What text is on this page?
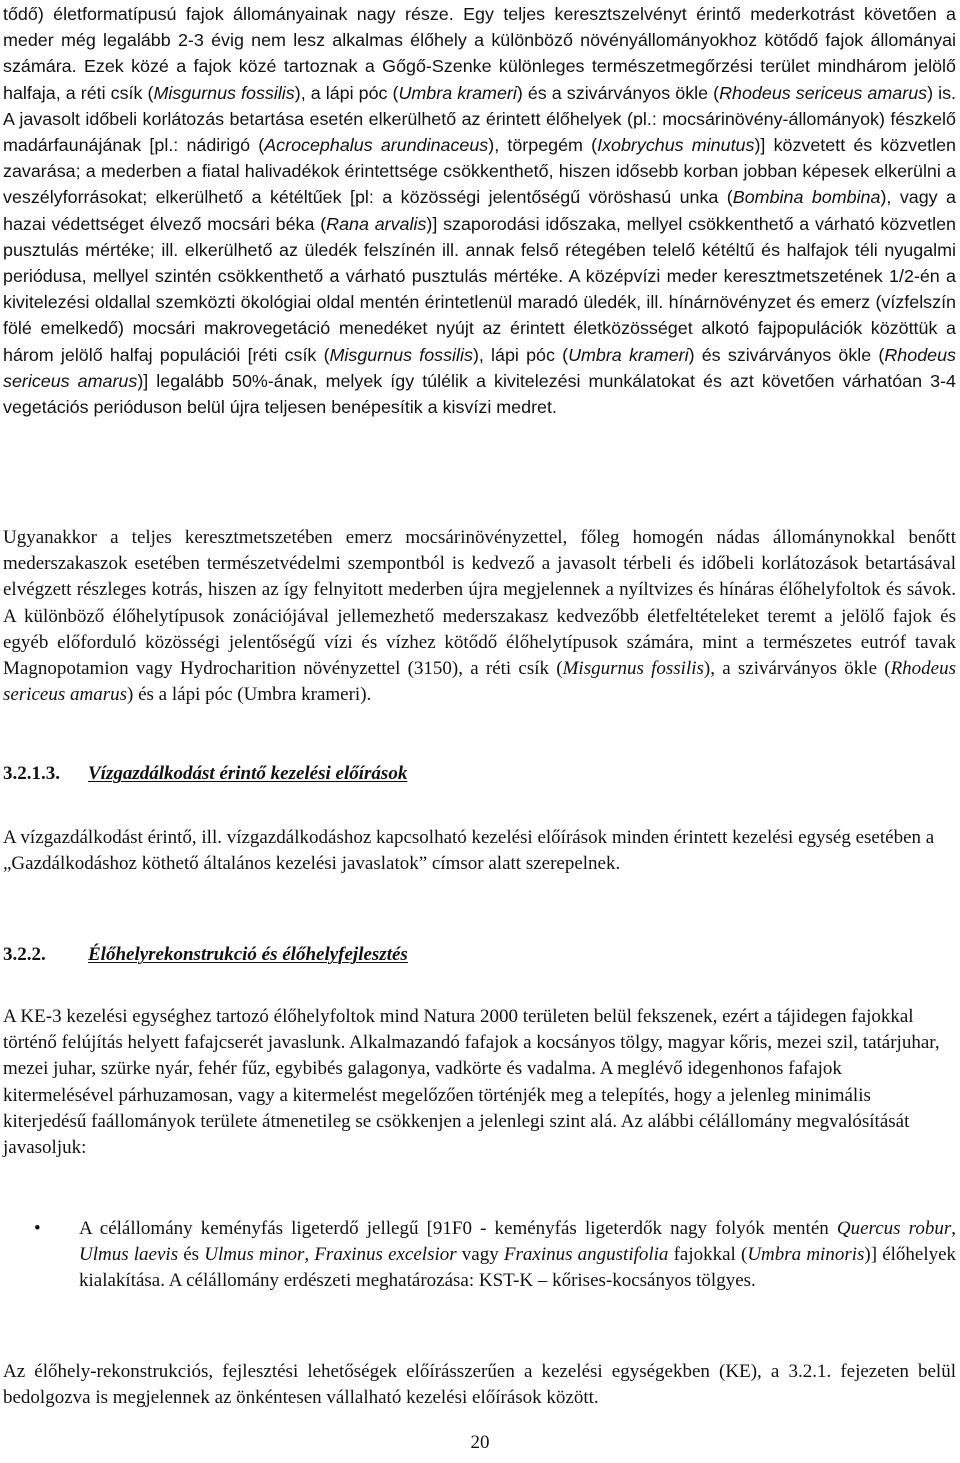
tődő) életformatípusú fajok állományainak nagy része. Egy teljes keresztszelvényt érintő mederkotrást követően a meder még legalább 2-3 évig nem lesz alkalmas élőhely a különböző növényállományokhoz kötődő fajok állományai számára. Ezek közé a fajok közé tartoznak a Gőgő-Szenke különleges természetmegőrzési terület mindhárom jelölő halfaja, a réti csík (Misgurnus fossilis), a lápi póc (Umbra krameri) és a szivárványos ökle (Rhodeus sericeus amarus) is. A javasolt időbeli korlátozás betartása esetén elkerülhető az érintett élőhelyek (pl.: mocsárinövény-állományok) fészkelő madárfaunájának [pl.: nádirigó (Acrocephalus arundinaceus), törpegém (Ixobrychus minutus)] közvetett és közvetlen zavarása; a mederben a fiatal halivadékok érintettsége csökkenthető, hiszen idősebb korban jobban képesek elkerülni a veszélyforrásokat; elkerülhető a kétéltűek [pl: a közösségi jelentőségű vöröshasú unka (Bombina bombina), vagy a hazai védettséget élvező mocsári béka (Rana arvalis)] szaporodási időszaka, mellyel csökkenthető a várható közvetlen pusztulás mértéke; ill. elkerülhető az üledék felszínén ill. annak felső rétegében telelő kétéltű és halfajok téli nyugalmi periódusa, mellyel szintén csökkenthető a várható pusztulás mértéke. A középvízi meder keresztmetszetének 1/2-én a kivitelezési oldallal szemközti ökológiai oldal mentén érintetlenül maradó üledék, ill. hínárnövényzet és emerz (vízfelszín fölé emelkedő) mocsári makrovegetáció menedéket nyújt az érintett életközösséget alkotó fajpopulációk közöttük a három jelölő halfaj populációi [réti csík (Misgurnus fossilis), lápi póc (Umbra krameri) és szivárványos ökle (Rhodeus sericeus amarus)] legalább 50%-ának, melyek így túlélik a kivitelezési munkálatokat és azt követően várhatóan 3-4 vegetációs perióduson belül újra teljesen benépesítik a kisvízi medret.

Ugyanakkor a teljes keresztmetszetében emerz mocsárinövényzettel, főleg homogén nádas állománynokkal benőtt mederszakaszok esetében természetvédelmi szempontból is kedvező a javasolt térbeli és időbeli korlátozások betartásával elvégzett részleges kotrás, hiszen az így felnyitott mederben újra megjelennek a nyíltvizes és hínáras élőhelyfoltok és sávok. A különböző élőhelytípusok zonációjával jellemezhető mederszakasz kedvezőbb életfeltételeket teremt a jelölő fajok és egyéb előforduló közösségi jelentőségű vízi és vízhez kötődő élőhelytípusok számára, mint a természetes eutróf tavak Magnopotamion vagy Hydrocharition növényzettel (3150), a réti csík (Misgurnus fossilis), a szivárványos ökle (Rhodeus sericeus amarus) és a lápi póc (Umbra krameri).

3.2.1.3. Vízgazdálkodást érintő kezelési előírások

A vízgazdálkodást érintő, ill. vízgazdálkodáshoz kapcsolható kezelési előírások minden érintett kezelési egység esetében a „Gazdálkodáshoz köthető általános kezelési javaslatok” címsor alatt szerepelnek.

3.2.2. Élőhelyrekonstrukció és élőhelyfejlesztés

A KE-3 kezelési egységhez tartozó élőhelyfoltok mind Natura 2000 területen belül fekszenek, ezért a tájidegen fajokkal történő felújítás helyett fafajcserét javaslunk. Alkalmazandó fafajok a kocsányos tölgy, magyar kőris, mezei szil, tatárjuhar, mezei juhar, szürke nyár, fehér fűz, egybibés galagonya, vadkörte és vadalma. A meglévő idegenhonos fafajok kitermelésével párhuzamosan, vagy a kitermelést megelőzően történjék meg a telepítés, hogy a jelenleg minimális kiterjedésű faállományok területe átmenetileg se csökkenjen a jelenlegi szint alá. Az alábbi célállomány megvalósítását javasoljuk:

• A célállomány keményfás ligeterdő jellegű [91F0 - keményfás ligeterdők nagy folyók mentén Quercus robur, Ulmus laevis és Ulmus minor, Fraxinus excelsior vagy Fraxinus angustifolia fajokkal (Umbra minoris)] élőhelyek kialakítása. A célállomány erdészeti meghatározása: KST-K – kőrises-kocsányos tölgyes.

Az élőhely-rekonstrukciós, fejlesztési lehetőségek előírásszerűen a kezelési egységekben (KE), a 3.2.1. fejezeten belül bedolgozva is megjelennek az önkéntesen vállalható kezelési előírások között.

20
